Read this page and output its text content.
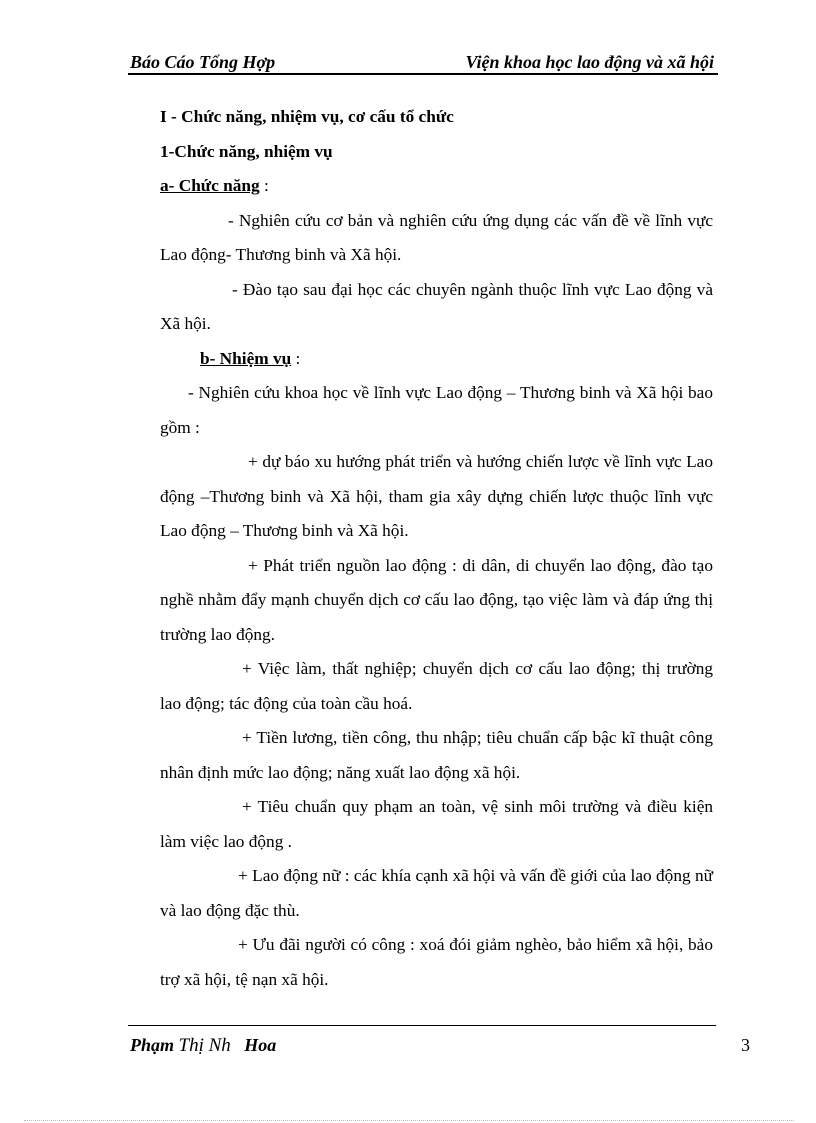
Báo Cáo Tổng Hợp	Viện khoa học lao động và xã hội

I - Chức năng, nhiệm vụ, cơ cấu tổ chức

1-Chức năng, nhiệm vụ

a- Chức năng :

- Nghiên cứu cơ bản và nghiên cứu ứng dụng các vấn đề về lĩnh vực Lao động- Thương binh và Xã hội.

- Đào tạo sau đại học các chuyên ngành thuộc lĩnh vực Lao động và Xã hội.

b- Nhiệm vụ :

- Nghiên cứu khoa học về lĩnh vực Lao động – Thương binh và Xã hội bao gồm :

+ dự báo xu hướng phát triển và hướng chiến lược về lĩnh vực Lao động –Thương binh và Xã hội, tham gia xây dựng chiến lược thuộc lĩnh vực Lao động – Thương binh và Xã hội.

+ Phát triển nguồn lao động : di dân, di chuyển lao động, đào tạo nghề nhằm đẩy mạnh chuyển dịch cơ cấu lao động, tạo việc làm và đáp ứng thị trường lao động.

+ Việc làm, thất nghiệp; chuyển dịch cơ cấu lao động; thị trường lao động; tác động của toàn cầu hoá.

+ Tiền lương, tiền công, thu nhập; tiêu chuẩn cấp bậc kĩ thuật công nhân định mức lao động; năng xuất lao động xã hội.

+ Tiêu chuẩn quy phạm an toàn, vệ sinh môi trường và điều kiện làm việc lao động .

+ Lao động nữ : các khía cạnh xã hội và vấn đề giới của lao động nữ và lao động đặc thù.

+ Ưu đãi người có công : xoá đói giảm nghèo, bảo hiểm xã hội, bảo trợ xã hội, tệ nạn xã hội.

Phạm Thị Nh   Hoa	3
